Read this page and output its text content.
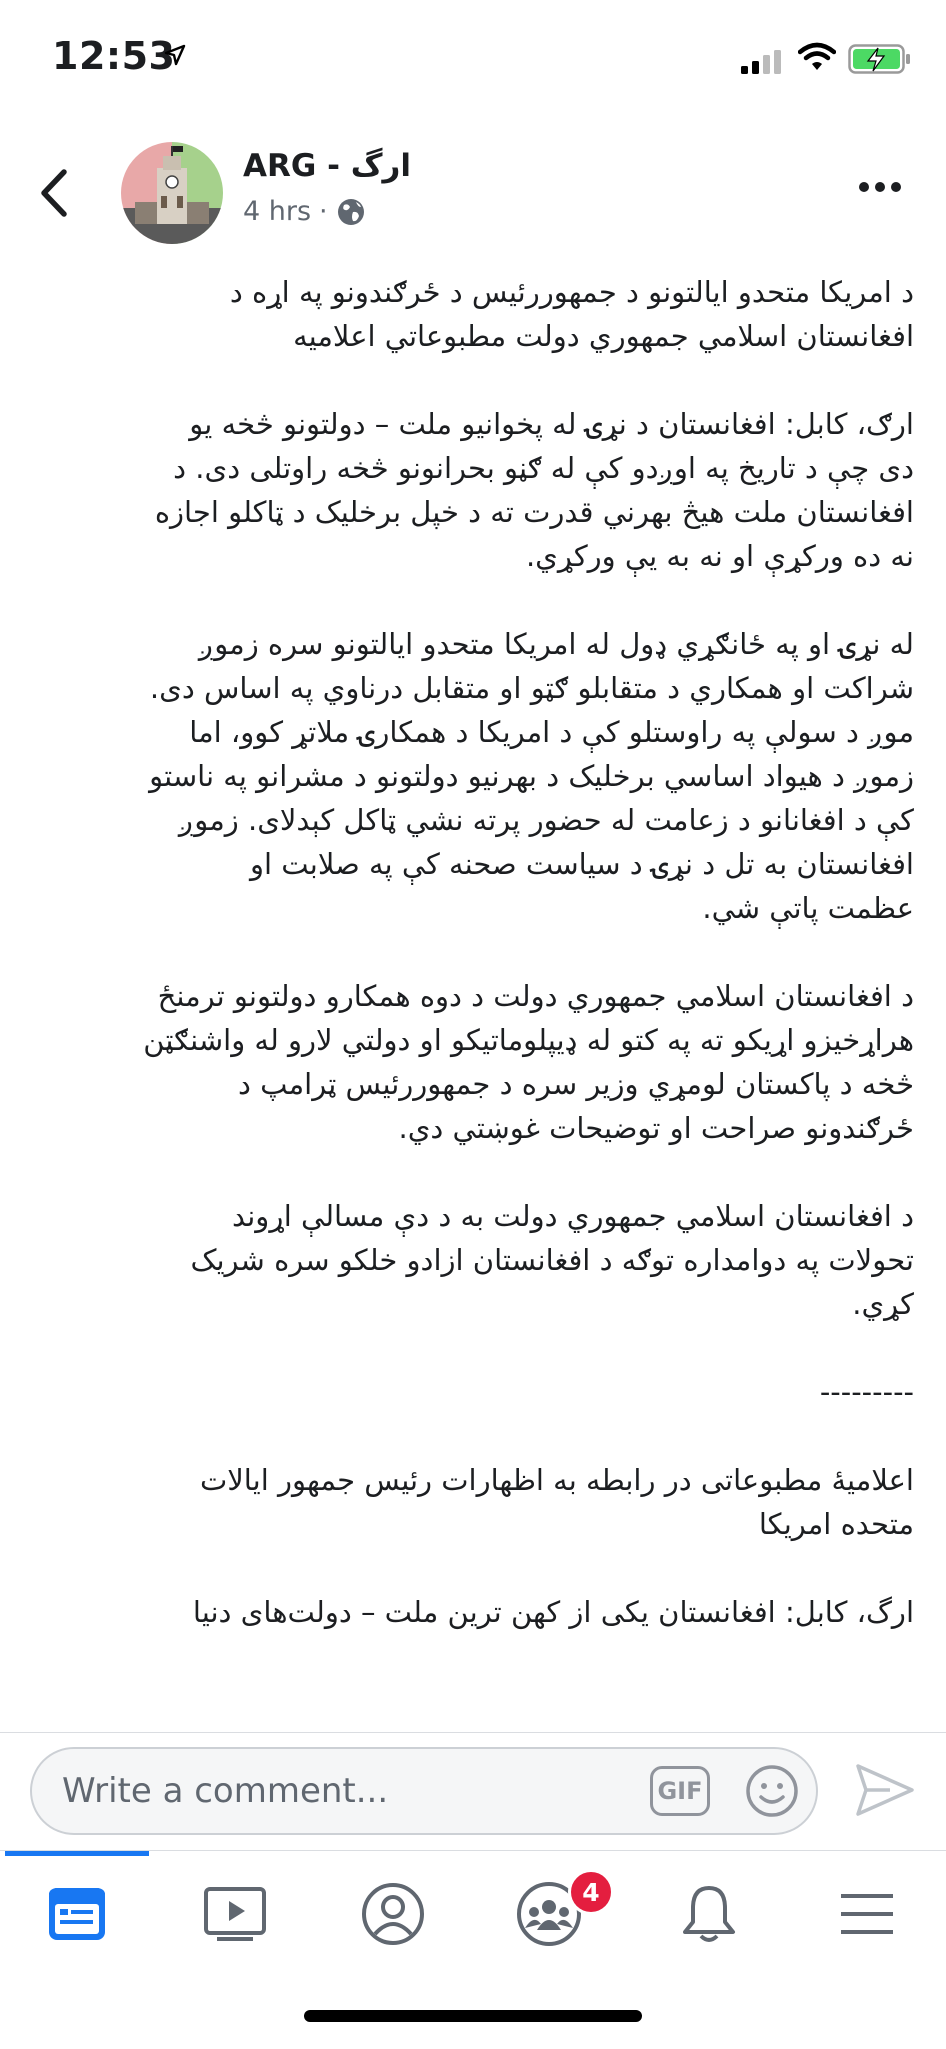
12:53
ARG - ارگ
4 hrs ·

د امریکا متحدو ایالتونو د جمهوررئیس د ځرګندونو په اړه د
افغانستان اسلامي جمهوري دولت مطبوعاتي اعلامیه

ارګ، کابل: افغانستان د نړۍ له پخوانیو ملت – دولتونو څخه یو
دی چې د تاریخ په اوږدو کې له ګڼو بحرانونو څخه راوتلی دی. د
افغانستان ملت هیڅ بهرني قدرت ته د خپل برخلیک د ټاکلو اجازه
نه ده ورکړې او نه به یې ورکړي.

له نړۍ او په ځانګړي ډول له امریکا متحدو ایالتونو سره زموږ
شراکت او همکاري د متقابلو ګټو او متقابل درناوي په اساس دی.
موږ د سولې په راوستلو کې د امریکا د همکارۍ ملاتړ کوو، اما
زموږ د هیواد اساسي برخلیک د بهرنیو دولتونو د مشرانو په ناستو
کې د افغانانو د زعامت له حضور پرته نشي ټاکل کېدلای. زموږ
افغانستان به تل د نړۍ د سیاست صحنه کې په صلابت او
عظمت پاتې شي.

د افغانستان اسلامي جمهوري دولت د دوه همکارو دولتونو ترمنځ
هراړخیزو اړیکو ته په کتو له ډیپلوماتیکو او دولتي لارو له واشنګټن
څخه د پاکستان لومړي وزیر سره د جمهوررئیس ټرامپ د
ځرګندونو صراحت او توضیحات غوښتي دي.

د افغانستان اسلامي جمهوري دولت به د دې مسالې اړوند
تحولات په دوامداره توګه د افغانستان ازادو خلکو سره شریک
کړي.

---------

اعلامیۀ مطبوعاتی در رابطه به اظهارات رئیس جمهور ایالات
متحده امریکا

ارگ، کابل: افغانستان یکی از کهن ترین ملت – دولت‌های دنیا

Write a comment...	GIF
4
